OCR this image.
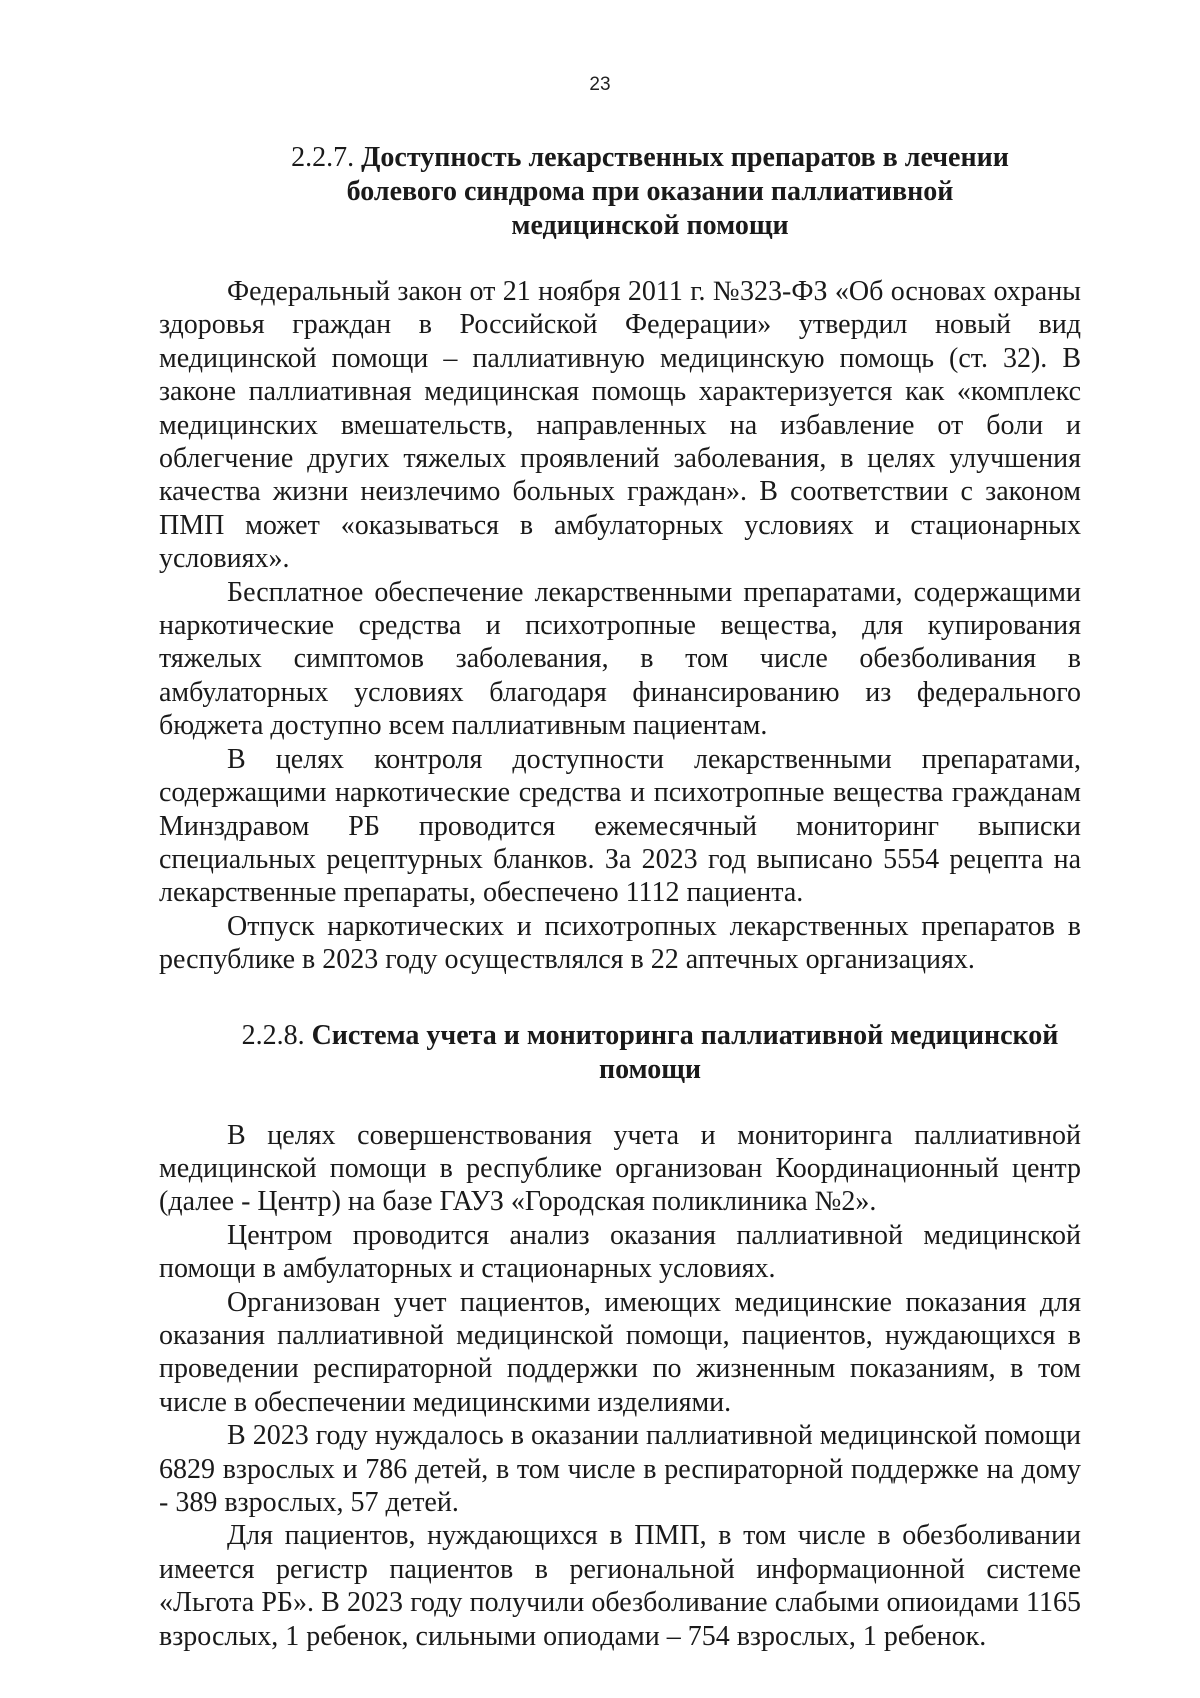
23
2.2.7. Доступность лекарственных препаратов в лечении болевого синдрома при оказании паллиативной медицинской помощи

Федеральный закон от 21 ноября 2011 г. №323-ФЗ «Об основах охраны здоровья граждан в Российской Федерации» утвердил новый вид медицинской помощи – паллиативную медицинскую помощь (ст. 32). В законе паллиативная медицинская помощь характеризуется как «комплекс медицинских вмешательств, направленных на избавление от боли и облегчение других тяжелых проявлений заболевания, в целях улучшения качества жизни неизлечимо больных граждан». В соответствии с законом ПМП может «оказываться в амбулаторных условиях и стационарных условиях».

Бесплатное обеспечение лекарственными препаратами, содержащими наркотические средства и психотропные вещества, для купирования тяжелых симптомов заболевания, в том числе обезболивания в амбулаторных условиях благодаря финансированию из федерального бюджета доступно всем паллиативным пациентам.

В целях контроля доступности лекарственными препаратами, содержащими наркотические средства и психотропные вещества гражданам Минздравом РБ проводится ежемесячный мониторинг выписки специальных рецептурных бланков. За 2023 год выписано 5554 рецепта на лекарственные препараты, обеспечено 1112 пациента.

Отпуск наркотических и психотропных лекарственных препаратов в республике в 2023 году осуществлялся в 22 аптечных организациях.

2.2.8. Система учета и мониторинга паллиативной медицинской помощи

В целях совершенствования учета и мониторинга паллиативной медицинской помощи в республике организован Координационный центр (далее - Центр) на базе ГАУЗ «Городская поликлиника №2».

Центром проводится анализ оказания паллиативной медицинской помощи в амбулаторных и стационарных условиях.

Организован учет пациентов, имеющих медицинские показания для оказания паллиативной медицинской помощи, пациентов, нуждающихся в проведении респираторной поддержки по жизненным показаниям, в том числе в обеспечении медицинскими изделиями.

В 2023 году нуждалось в оказании паллиативной медицинской помощи 6829 взрослых и 786 детей, в том числе в респираторной поддержке на дому - 389 взрослых, 57 детей.

Для пациентов, нуждающихся в ПМП, в том числе в обезболивании имеется регистр пациентов в региональной информационной системе «Льгота РБ». В 2023 году получили обезболивание слабыми опиоидами 1165 взрослых, 1 ребенок, сильными опиодами – 754 взрослых, 1 ребенок.
